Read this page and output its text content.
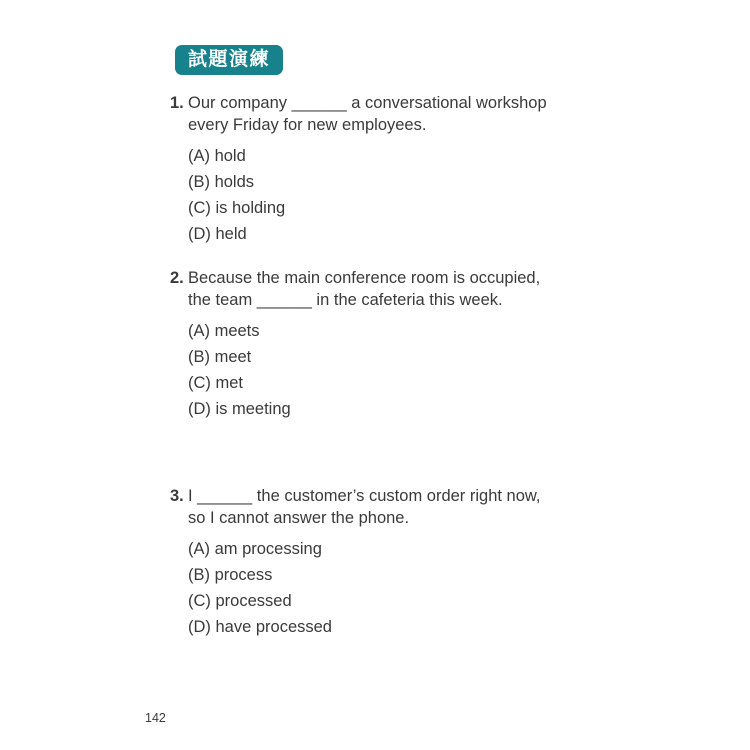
試題演練
1. Our company ______ a conversational workshop
every Friday for new employees.
(A) hold
(B) holds
(C) is holding
(D) held
2. Because the main conference room is occupied,
the team ______ in the cafeteria this week.
(A) meets
(B) meet
(C) met
(D) is meeting
3. I ______ the customer’s custom order right now,
so I cannot answer the phone.
(A) am processing
(B) process
(C) processed
(D) have processed
142
